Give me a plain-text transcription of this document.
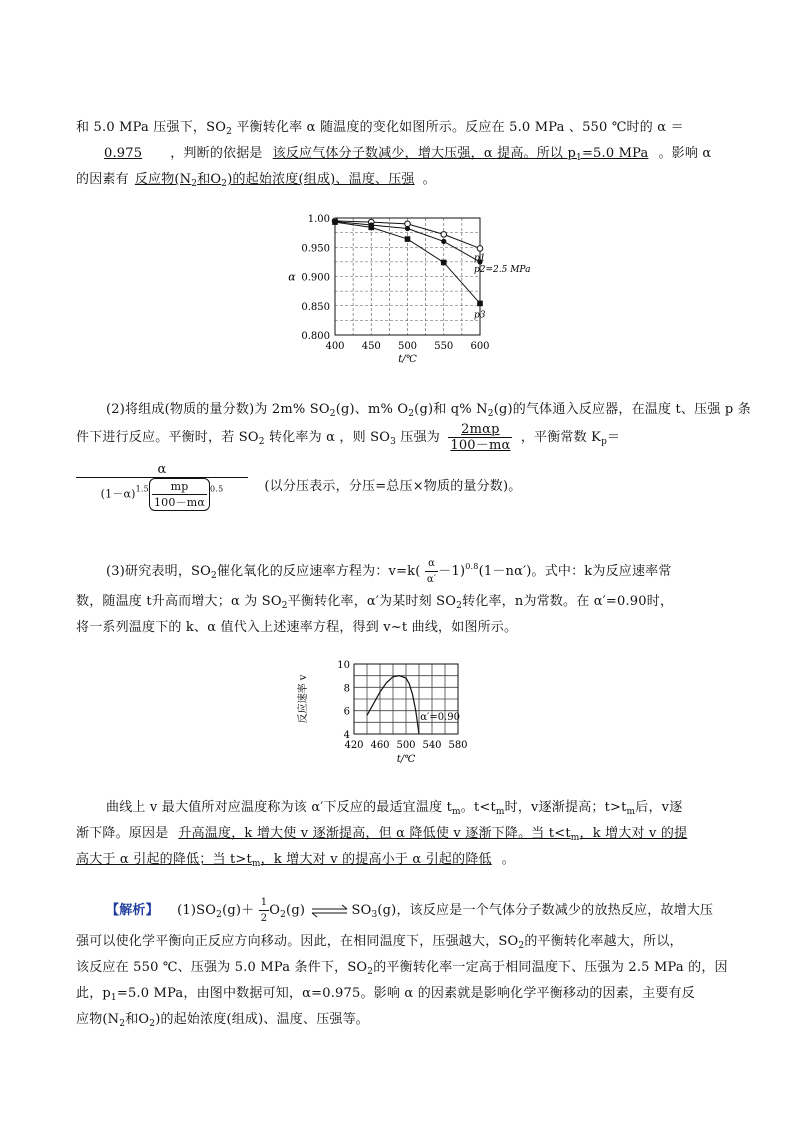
和 5.0 MPa 压强下，$SO_2$ 平衡转化率 α 随温度的变化如图所示。反应在 5.0 MPa 、550 ℃时的 α ＝
0.975 ，判断的依据是 该反应气体分子数减少，增大压强，α 提高。所以 $p_1=5.0$ MPa 。影响 α
的因素有 反应物($N_2$和$O_2$)的起始浓度(组成)、温度、压强 。
1.00
0.950
0.900
0.850
0.800
400 450 500 550 600
t/℃
α
p1
p2=2.5 MPa
p3
(2)将组成(物质的量分数)为 2m% $SO_2(g)$、m% $O_2(g)$和 q% $N_2(g)$的气体通入反应器，在温度 t、压强 p 条
件下进行反应。平衡时，若 $SO_2$ 转化率为 α ，则 $SO_3$ 压强为 $\frac{\text{2mαp}}{100-m\alpha}$ ，平衡常数 $K_p=$
$\frac{\alpha}{(1-\alpha)^{1.5} \frac{mp}{100-m\alpha} ^{0.5}}$ (以分压表示，分压=总压×物质的量分数)。
(3)研究表明，$SO_2$催化氧化的反应速率方程为：$v=k( \frac{\alpha}{\alpha'} -1)^{0.8}(1-n\alpha')$。式中：k为反应速率常
数，随温度 t升高而增大；α 为 $SO_2$平衡转化率，α′为某时刻 $SO_2$转化率，n为常数。在 α′=0.90时，
将一系列温度下的 k、α 值代入上述速率方程，得到 v~t 曲线，如图所示。
10
8
6
4
420 460 500 540 580
t/℃
反应速率 v	α′=0.90
曲线上 v 最大值所对应温度称为该 α′下反应的最适宜温度 $t_m$。$t<t_m$时，v逐渐提高；$t>t_m$后，v逐
渐下降。原因是 升高温度，k 增大使 v 逐渐提高，但 α 降低使 v 逐渐下降。当 $t<t_m$，k 增大对 v 的提
高大于 α 引起的降低；当 $t>t_m$，k 增大对 v 的提高小于 α 引起的降低 。
【解析】 $(1)SO_2(g)+ \frac{1}{2} O_2(g)$ $\rightleftharpoons SO_3(g)$，该反应是一个气体分子数减少的放热反应，故增大压
强可以使化学平衡向正反应方向移动。因此，在相同温度下，压强越大，$SO_2$的平衡转化率越大，所以，
该反应在 550 ℃、压强为 5.0 MPa 条件下，$SO_2$的平衡转化率一定高于相同温度下、压强为 2.5 MPa 的，因
此，$p_1=5.0$ MPa，由图中数据可知，α=0.975。影响 α 的因素就是影响化学平衡移动的因素，主要有反
应物($N_2$和$O_2$)的起始浓度(组成)、温度、压强等。
